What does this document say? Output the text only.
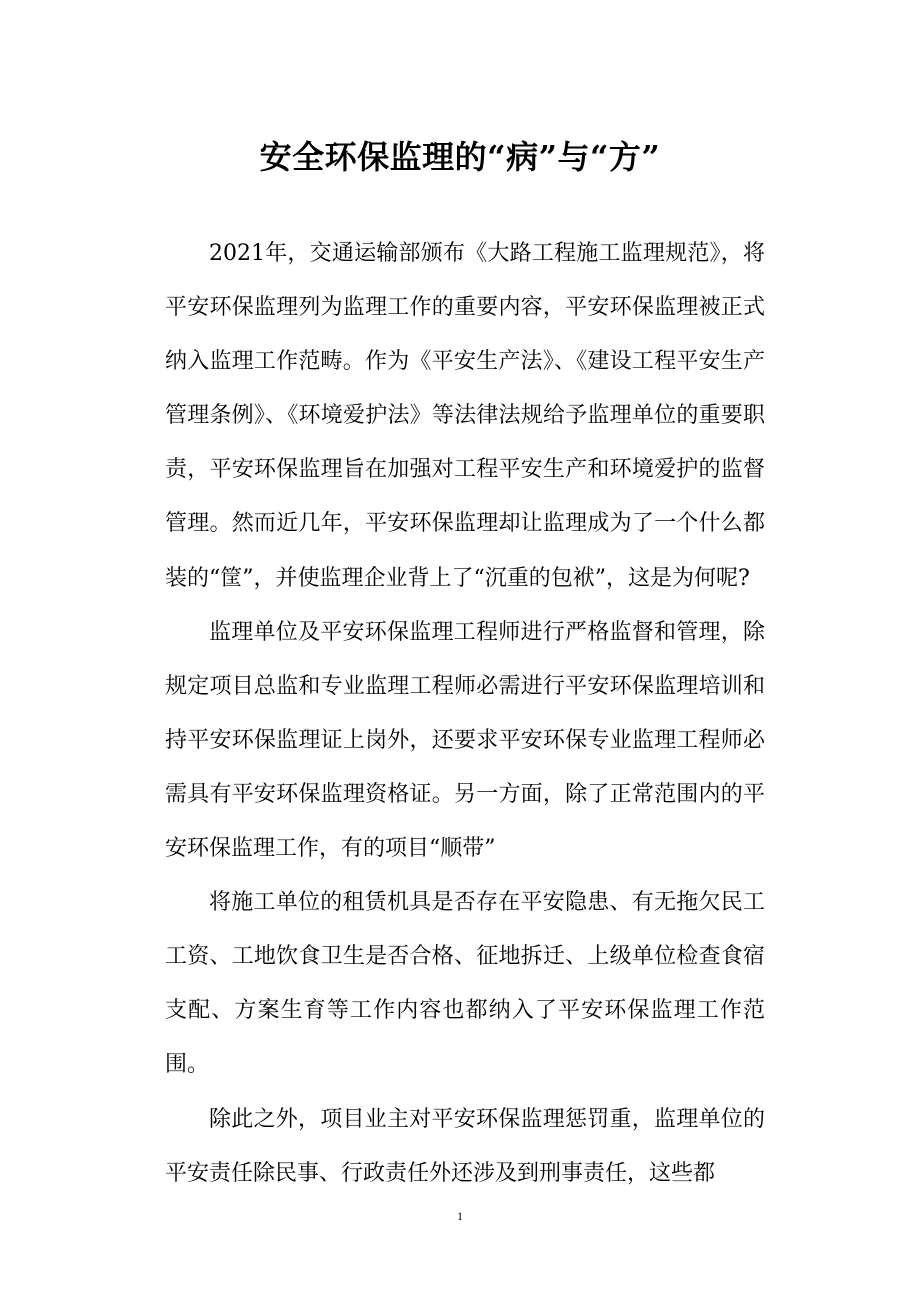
安全环保监理的“病”与“方”

2021年，交通运输部颁布《大路工程施工监理规范》，将平安环保监理列为监理工作的重要内容，平安环保监理被正式纳入监理工作范畴。作为《平安生产法》、《建设工程平安生产管理条例》、《环境爱护法》等法律法规给予监理单位的重要职责，平安环保监理旨在加强对工程平安生产和环境爱护的监督管理。然而近几年，平安环保监理却让监理成为了一个什么都装的“筐”，并使监理企业背上了“沉重的包袱”，这是为何呢?

监理单位及平安环保监理工程师进行严格监督和管理，除规定项目总监和专业监理工程师必需进行平安环保监理培训和持平安环保监理证上岗外，还要求平安环保专业监理工程师必需具有平安环保监理资格证。另一方面，除了正常范围内的平安环保监理工作，有的项目“顺带”

将施工单位的租赁机具是否存在平安隐患、有无拖欠民工工资、工地饮食卫生是否合格、征地拆迁、上级单位检查食宿支配、方案生育等工作内容也都纳入了平安环保监理工作范围。

除此之外，项目业主对平安环保监理惩罚重，监理单位的平安责任除民事、行政责任外还涉及到刑事责任，这些都

1
